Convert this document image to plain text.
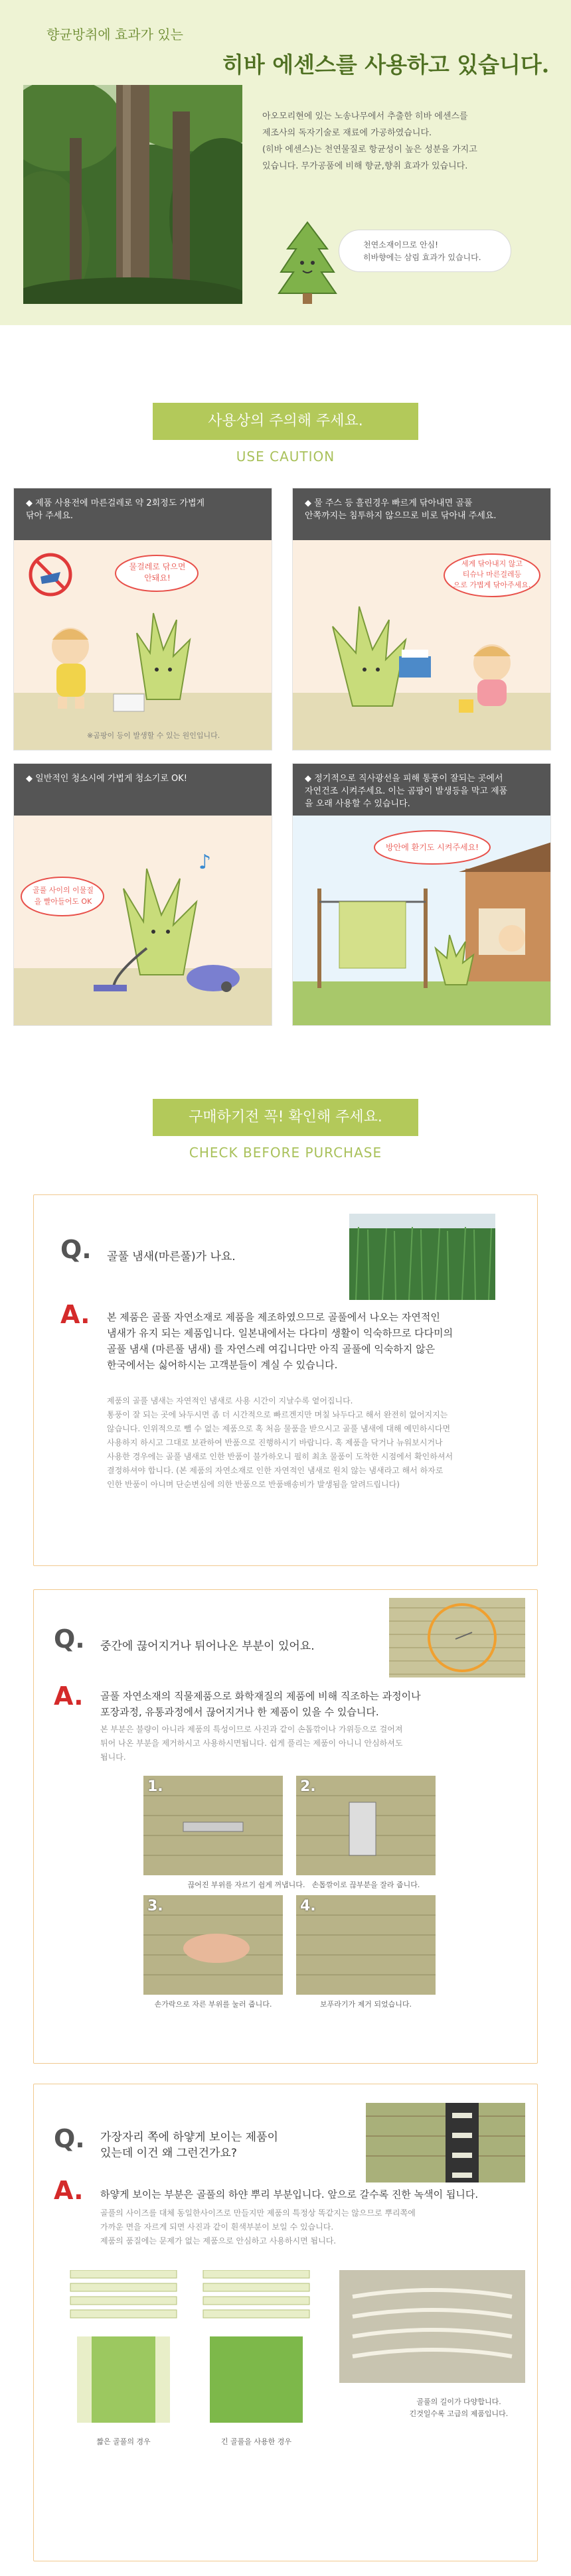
향균방취에 효과가 있는
히바 에센스를 사용하고 있습니다.
아오모리현에 있는 노송나무에서 추출한 히바 에센스를
제조사의 독자기술로 재료에 가공하였습니다.
(히바 에센스)는 천연물질로 항균성이 높은 성분을 가지고
있습니다. 무가공품에 비해 향균,향취 효과가 있습니다.
천연소재이므로 안심!
히바향에는 삼림 효과가 있습니다.
사용상의 주의해 주세요.
USE CAUTION
◆ 제품 사용전에 마른걸레로 약 2회정도 가볍게
닦아 주세요.
물걸레로 닦으면
안돼요!
※곰팡이 등이 발생할 수 있는 원인입니다.
◆ 물 주스 등 흘린경우 빠르게 닦아내면 골풀
안쪽까지는 침투하지 않으므로 비로 닦아내 주세요.
세게 닦아내지 않고
티슈나 마른걸레등
으로 가볍게 닦아주세요.
◆ 일반적인 청소시에 가볍게 청소기로 OK!
♪
골풀 사이의 이물질
을 빨아들어도 OK
◆ 정기적으로 직사광선을 피해 통풍이 잘되는 곳에서
자연건조 시켜주세요. 이는 곰팡이 발생등을 막고 제품
을 오래 사용할 수 있습니다.
방안에 환기도 시켜주세요!
구매하기전 꼭! 확인해 주세요.
CHECK BEFORE PURCHASE
Q. 골풀 냄새(마른풀)가 나요.
A. 본 제품은 골풀 자연소재로 제품을 제조하였으므로 골풀에서 나오는 자연적인
냄새가 유지 되는 제품입니다. 일본내에서는 다다미 생활이 익숙하므로 다다미의
골풀 냄새 (마른풀 냄새) 를 자연스레 여깁니다만 아직 골풀에 익숙하지 않은
한국에서는 싫어하시는 고객분들이 계실 수 있습니다.
제품의 골풀 냄새는 자연적인 냄새로 사용 시간이 지날수록 옅어집니다.
통풍이 잘 되는 곳에 놔두시면 좀 더 시간적으로 빠르겐지만 며칠 놔두다고 해서 완전히 없어지지는
않습니다. 인위적으로 뺄 수 없는 제품으로 혹 처음 물품을 받으시고 골풀 냄새에 대해 예민하시다면
사용하지 하시고 그대로 보관하여 반품으로 진행하시기 바랍니다. 혹 제품을 닥거나 뉴워보시거나
사용한 경우에는 골풀 냄새로 인한 반품이 불가하오니 필히 최초 물품이 도착한 시점에서 확인하셔서
결정하셔야 합니다. (본 제품의 자연소재로 인한 자연적인 냄새로 원치 않는 냄새라고 해서 하자로
인한 반품이 아니며 단순변심에 의한 반품으로 반품배송비가 발생됨을 알려드립니다)
Q. 중간에 끊어지거나 튀어나온 부분이 있어요.
A. 골풀 자연소재의 직물제품으로 화학재질의 제품에 비해 직조하는 과정이나
포장과정, 유통과정에서 끊어지거나 한 제품이 있을 수 있습니다.
본 부분은 불량이 아니라 제품의 특성이므로 사진과 같이 손톱깎이나 가위등으로 걸어져
튀어 나온 부분을 제거하시고 사용하시면됩니다. 쉽게 풀리는 제품이 아니니 안심하셔도
됩니다.
1.
끊어진 부위를 자르기 쉽게 꺼냅니다.
2.
손톱깎이로 끊부분을 잘라 줍니다.
3.
손가락으로 자른 부위를 눌러 줍니다.
4.
보푸라기가 제거 되었습니다.
Q. 가장자리 쪽에 하얗게 보이는 제품이
있는데 이건 왜 그런건가요?
A. 하얗게 보이는 부분은 골풀의 하얀 뿌리 부분입니다. 앞으로 갈수록 진한 녹색이 됩니다.
골풀의 사이즈를 대체 동일한사이즈로 만들지만 제품의 특정상 똑같지는 않으므로 뿌리쪽에
가까운 면을 자르게 되면 사진과 같이 흰색부분이 보일 수 있습니다.
제품의 품질에는 문제가 없는 제품으로 안심하고 사용하시면 됩니다.
짧은 골풀의 경우	긴 골풀을 사용한 경우
골풀의 길이가 다양합니다.
긴것일수록 고급의 제품입니다.
